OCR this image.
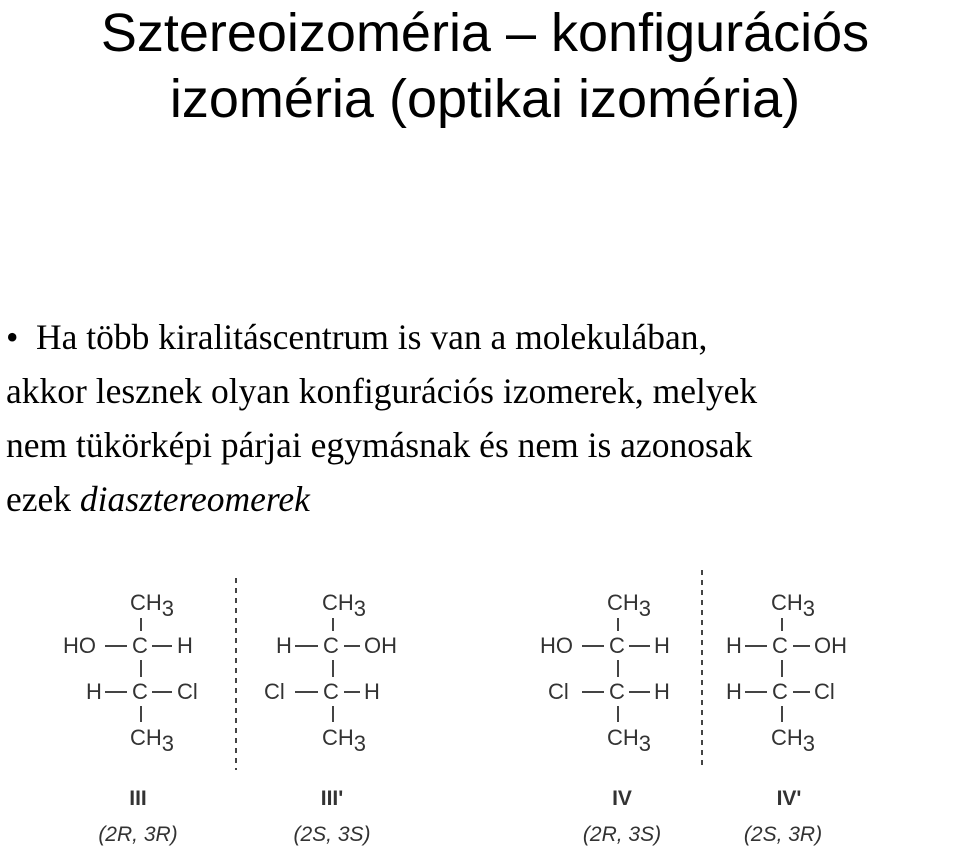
Sztereoizoméria – konfigurációs
izoméria (optikai izoméria)
• Ha több kiralitáscentrum is van a molekulában,
akkor lesznek olyan konfigurációs izomerek, melyek
nem tükörképi párjai egymásnak és nem is azonosak
ezek diasztereomerek
CH3
HO C H
H C Cl
CH3
III
(2R, 3R)
CH3
H C OH
Cl C H
CH3
III'
(2S, 3S)
CH3
HO C H
Cl C H
CH3
IV
(2R, 3S)
CH3
H C OH
H C Cl
CH3
IV'
(2S, 3R)
